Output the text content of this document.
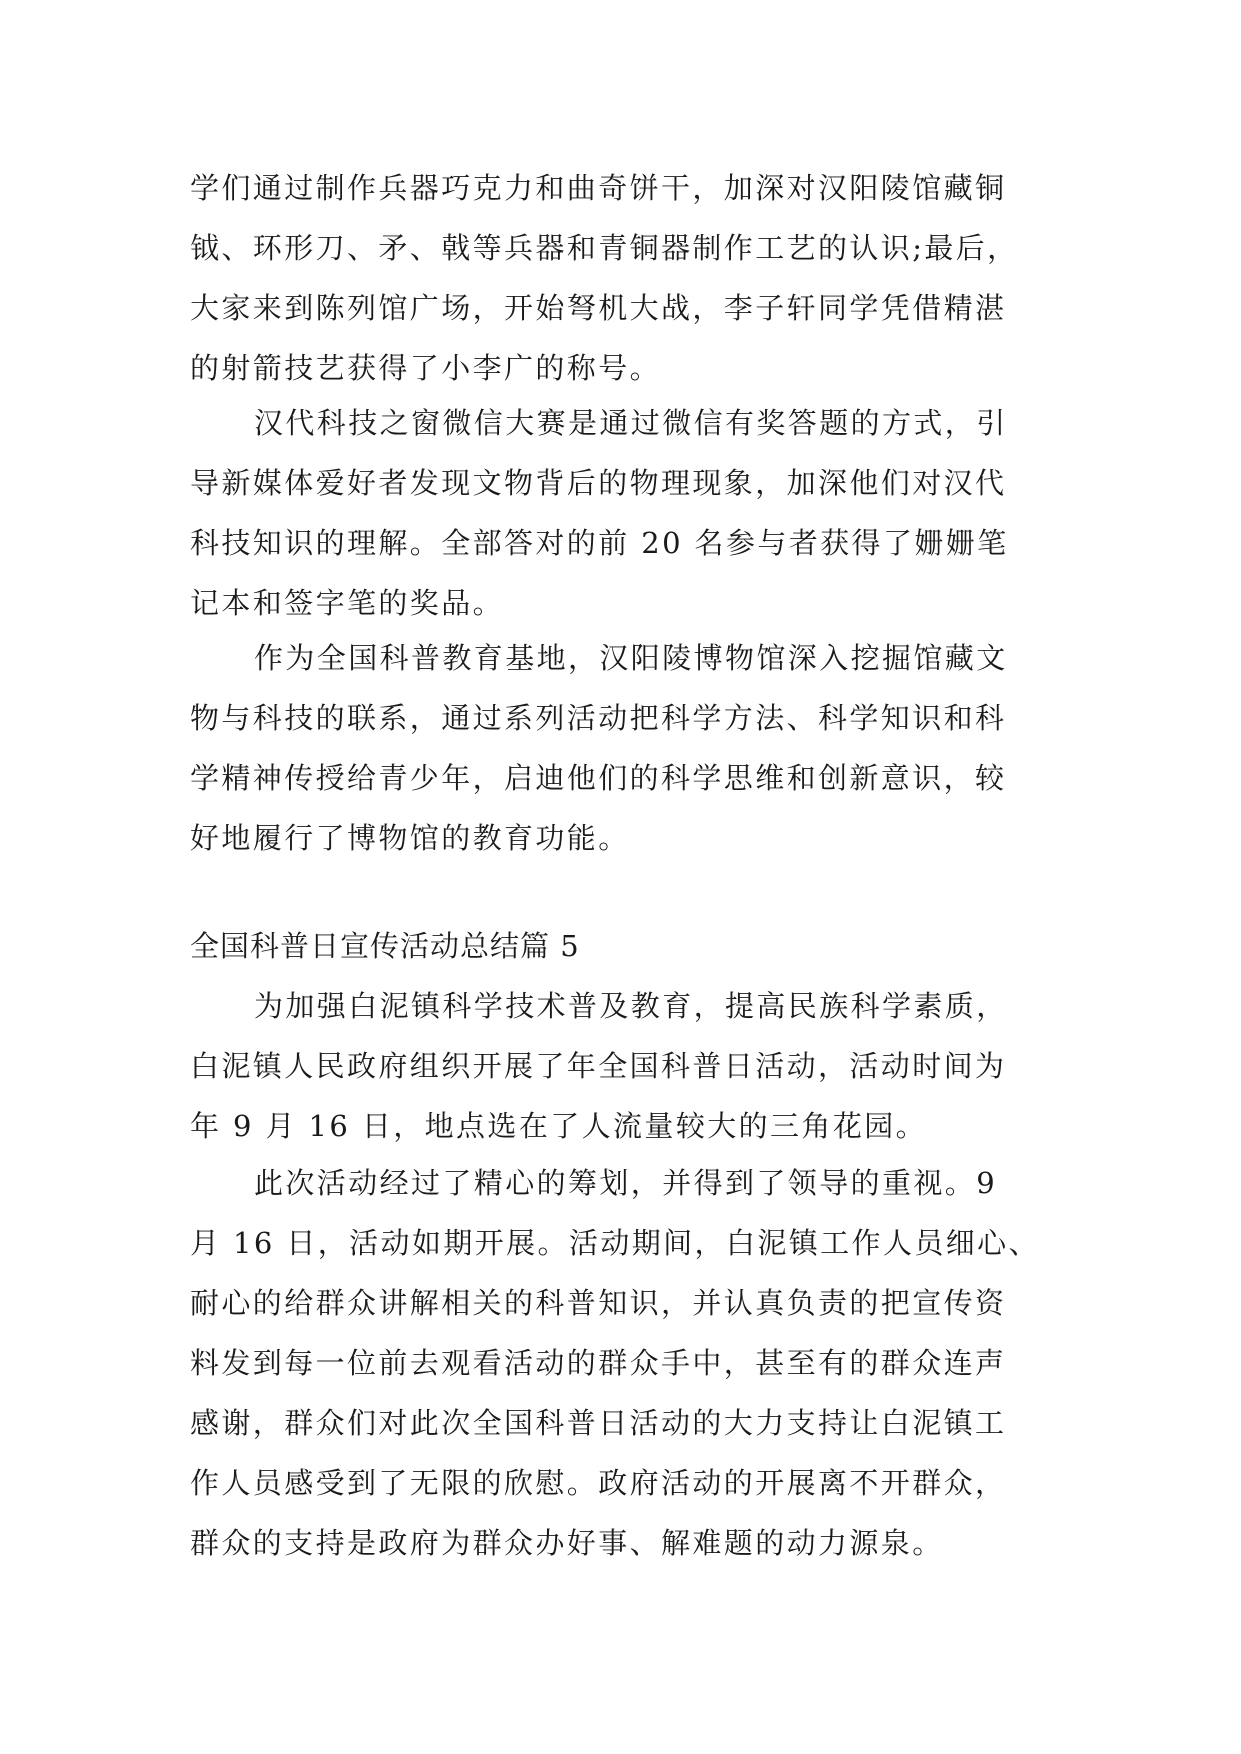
学们通过制作兵器巧克力和曲奇饼干，加深对汉阳陵馆藏铜
钺、环形刀、矛、戟等兵器和青铜器制作工艺的认识;最后，
大家来到陈列馆广场，开始弩机大战，李子轩同学凭借精湛
的射箭技艺获得了小李广的称号。

汉代科技之窗微信大赛是通过微信有奖答题的方式，引
导新媒体爱好者发现文物背后的物理现象，加深他们对汉代
科技知识的理解。全部答对的前 20 名参与者获得了姗姗笔
记本和签字笔的奖品。

作为全国科普教育基地，汉阳陵博物馆深入挖掘馆藏文
物与科技的联系，通过系列活动把科学方法、科学知识和科
学精神传授给青少年，启迪他们的科学思维和创新意识，较
好地履行了博物馆的教育功能。

全国科普日宣传活动总结篇 5

为加强白泥镇科学技术普及教育，提高民族科学素质，
白泥镇人民政府组织开展了年全国科普日活动，活动时间为
年 9 月 16 日，地点选在了人流量较大的三角花园。

此次活动经过了精心的筹划，并得到了领导的重视。9
月 16 日，活动如期开展。活动期间，白泥镇工作人员细心、
耐心的给群众讲解相关的科普知识，并认真负责的把宣传资
料发到每一位前去观看活动的群众手中，甚至有的群众连声
感谢，群众们对此次全国科普日活动的大力支持让白泥镇工
作人员感受到了无限的欣慰。政府活动的开展离不开群众，
群众的支持是政府为群众办好事、解难题的动力源泉。
